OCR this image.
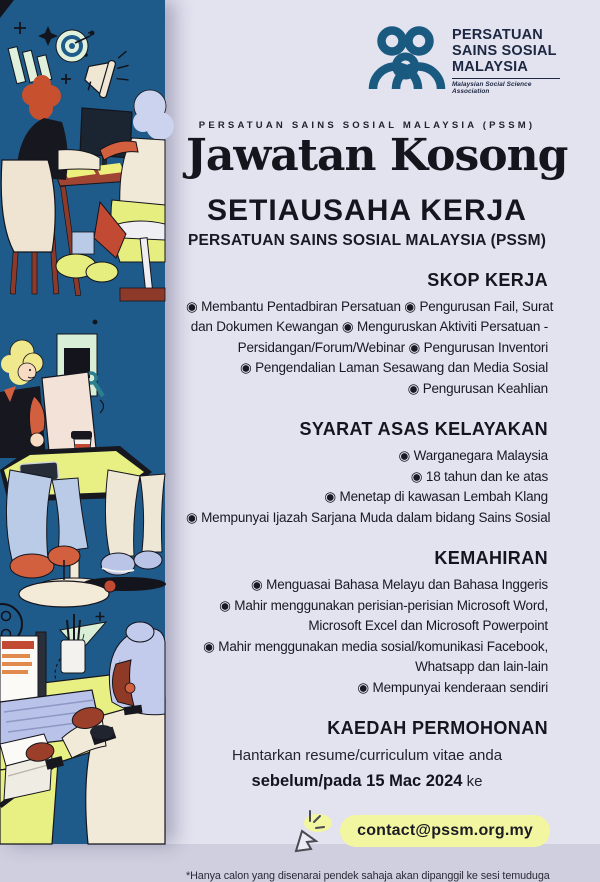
PERSATUAN
SAINS SOSIAL
MALAYSIA
Malaysian Social Science Association
PERSATUAN SAINS SOSIAL MALAYSIA (PSSM)
Jawatan Kosong
SETIAUSAHA KERJA
PERSATUAN SAINS SOSIAL MALAYSIA (PSSM)
SKOP KERJA
◉ Membantu Pentadbiran Persatuan ◉ Pengurusan Fail, Surat
dan Dokumen Kewangan ◉ Menguruskan Aktiviti Persatuan -
Persidangan/Forum/Webinar ◉ Pengurusan Inventori
◉ Pengendalian Laman Sesawang dan Media Sosial
◉ Pengurusan Keahlian
SYARAT ASAS KELAYAKAN
◉ Warganegara Malaysia
◉ 18 tahun dan ke atas
◉ Menetap di kawasan Lembah Klang
◉ Mempunyai Ijazah Sarjana Muda dalam bidang Sains Sosial
KEMAHIRAN
◉ Menguasai Bahasa Melayu dan Bahasa Inggeris
◉ Mahir menggunakan perisian-perisian Microsoft Word,
Microsoft Excel dan Microsoft Powerpoint
◉ Mahir menggunakan media sosial/komunikasi Facebook,
Whatsapp dan lain-lain
◉ Mempunyai kenderaan sendiri
KAEDAH PERMOHONAN
Hantarkan resume/curriculum vitae anda
sebelum/pada 15 Mac 2024 ke
contact@pssm.org.my
*Hanya calon yang disenarai pendek sahaja akan dipanggil ke sesi temuduga
